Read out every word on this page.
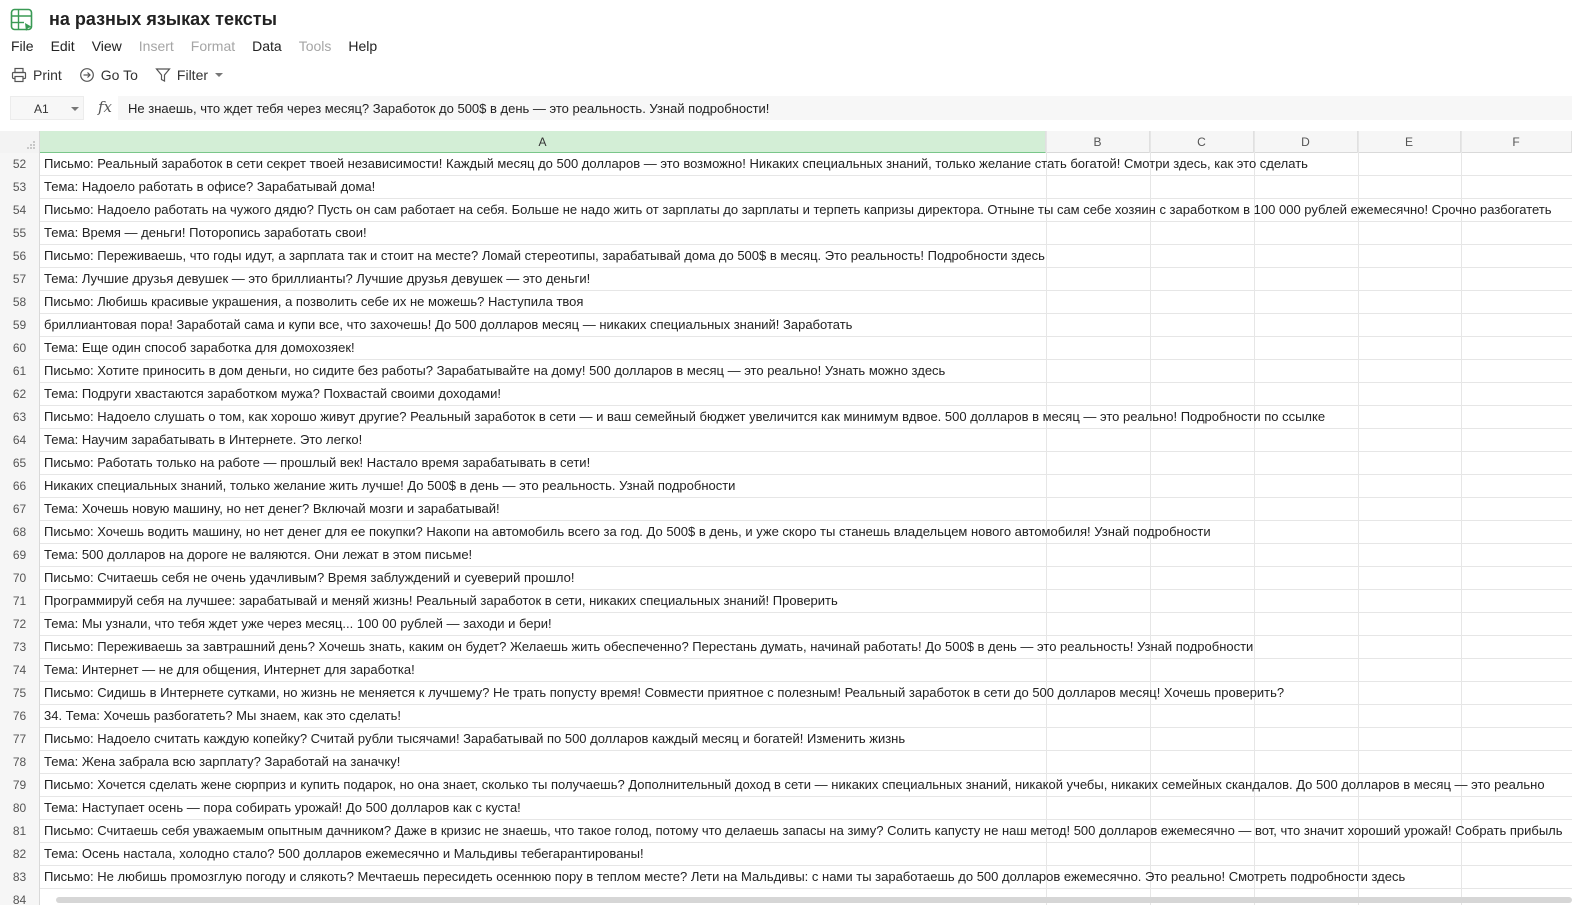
на разных языках тексты
File Edit View Insert Format Data Tools Help
Print	Go To	Filter
A1	fx	Не знаешь, что ждет тебя через месяц? Заработок до 500$ в день — это реальность. Узнай подробности!
A	B	C	D	E	F
52	Письмо: Реальный заработок в сети секрет твоей независимости! Каждый месяц до 500 долларов — это возможно! Никаких специальных знаний, только желание стать богатой! Смотри здесь, как это сделать
53	Тема: Надоело работать в офисе? Зарабатывай дома!
54	Письмо: Надоело работать на чужого дядю? Пусть он сам работает на себя. Больше не надо жить от зарплаты до зарплаты и терпеть капризы директора. Отныне ты сам себе хозяин с заработком в 100 000 рублей ежемесячно! Срочно разбогатеть
55	Тема: Время — деньги! Поторопись заработать свои!
56	Письмо: Переживаешь, что годы идут, а зарплата так и стоит на месте? Ломай стереотипы, зарабатывай дома до 500$ в месяц. Это реальность! Подробности здесь
57	Тема: Лучшие друзья девушек — это бриллианты? Лучшие друзья девушек — это деньги!
58	Письмо: Любишь красивые украшения, а позволить себе их не можешь? Наступила твоя
59	бриллиантовая пора! Заработай сама и купи все, что захочешь! До 500 долларов месяц — никаких специальных знаний! Заработать
60	Тема: Еще один способ заработка для домохозяек!
61	Письмо: Хотите приносить в дом деньги, но сидите без работы? Зарабатывайте на дому! 500 долларов в месяц — это реально! Узнать можно здесь
62	Тема: Подруги хвастаются заработком мужа? Похвастай своими доходами!
63	Письмо: Надоело слушать о том, как хорошо живут другие? Реальный заработок в сети — и ваш семейный бюджет увеличится как минимум вдвое. 500 долларов в месяц — это реально! Подробности по ссылке
64	Тема: Научим зарабатывать в Интернете. Это легко!
65	Письмо: Работать только на работе — прошлый век! Настало время зарабатывать в сети!
66	Никаких специальных знаний, только желание жить лучше! До 500$ в день — это реальность. Узнай подробности
67	Тема: Хочешь новую машину, но нет денег? Включай мозги и зарабатывай!
68	Письмо: Хочешь водить машину, но нет денег для ее покупки? Накопи на автомобиль всего за год. До 500$ в день, и уже скоро ты станешь владельцем нового автомобиля! Узнай подробности
69	Тема: 500 долларов на дороге не валяются. Они лежат в этом письме!
70	Письмо: Считаешь себя не очень удачливым? Время заблуждений и суеверий прошло!
71	Программируй себя на лучшее: зарабатывай и меняй жизнь! Реальный заработок в сети, никаких специальных знаний! Проверить
72	Тема: Мы узнали, что тебя ждет уже через месяц... 100 00 рублей — заходи и бери!
73	Письмо: Переживаешь за завтрашний день? Хочешь знать, каким он будет? Желаешь жить обеспеченно? Перестань думать, начинай работать! До 500$ в день — это реальность! Узнай подробности
74	Тема: Интернет — не для общения, Интернет для заработка!
75	Письмо: Сидишь в Интернете сутками, но жизнь не меняется к лучшему? Не трать попусту время! Совмести приятное с полезным! Реальный заработок в сети до 500 долларов месяц! Хочешь проверить?
76	34. Тема: Хочешь разбогатеть? Мы знаем, как это сделать!
77	Письмо: Надоело считать каждую копейку? Считай рубли тысячами! Зарабатывай по 500 долларов каждый месяц и богатей! Изменить жизнь
78	Тема: Жена забрала всю зарплату? Заработай на заначку!
79	Письмо: Хочется сделать жене сюрприз и купить подарок, но она знает, сколько ты получаешь? Дополнительный доход в сети — никаких специальных знаний, никакой учебы, никаких семейных скандалов. До 500 долларов в месяц — это реально
80	Тема: Наступает осень — пора собирать урожай! До 500 долларов как с куста!
81	Письмо: Считаешь себя уважаемым опытным дачником? Даже в кризис не знаешь, что такое голод, потому что делаешь запасы на зиму? Солить капусту не наш метод! 500 долларов ежемесячно — вот, что значит хороший урожай! Собрать прибыль
82	Тема: Осень настала, холодно стало? 500 долларов ежемесячно и Мальдивы тебегарантированы!
83	Письмо: Не любишь промозглую погоду и слякоть? Мечтаешь пересидеть осеннюю пору в теплом месте? Лети на Мальдивы: с нами ты заработаешь до 500 долларов ежемесячно. Это реально! Смотреть подробности здесь
84
